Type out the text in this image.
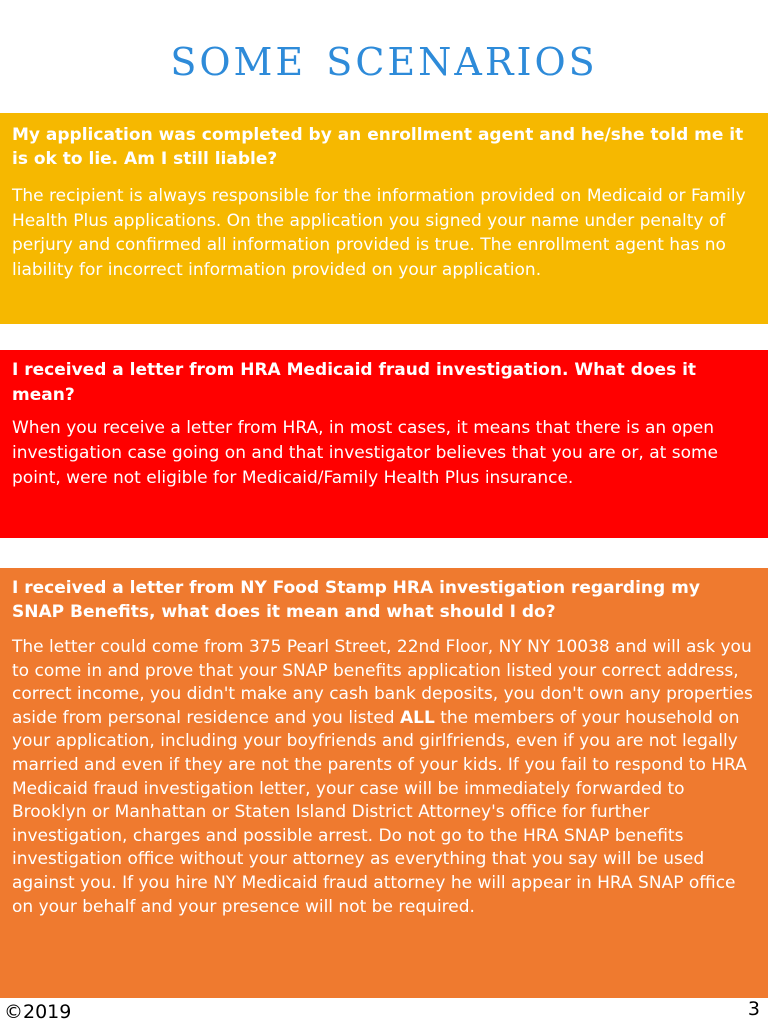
some scenarios

My application was completed by an enrollment agent and he/she told me it is ok to lie. Am I still liable?

The recipient is always responsible for the information provided on Medicaid or Family Health Plus applications. On the application you signed your name under penalty of perjury and confirmed all information provided is true. The enrollment agent has no liability for incorrect information provided on your application.

I received a letter from HRA Medicaid fraud investigation. What does it mean?

When you receive a letter from HRA, in most cases, it means that there is an open investigation case going on and that investigator believes that you are or, at some point, were not eligible for Medicaid/Family Health Plus insurance.

I received a letter from NY Food Stamp HRA investigation regarding my SNAP Benefits, what does it mean and what should I do?

The letter could come from 375 Pearl Street, 22nd Floor, NY NY 10038 and will ask you to come in and prove that your SNAP benefits application listed your correct address, correct income, you didn't make any cash bank deposits, you don't own any properties aside from personal residence and you listed ALL the members of your household on your application, including your boyfriends and girlfriends, even if you are not legally married and even if they are not the parents of your kids. If you fail to respond to HRA Medicaid fraud investigation letter, your case will be immediately forwarded to Brooklyn or Manhattan or Staten Island District Attorney's office for further investigation, charges and possible arrest. Do not go to the HRA SNAP benefits investigation office without your attorney as everything that you say will be used against you. If you hire NY Medicaid fraud attorney he will appear in HRA SNAP office on your behalf and your presence will not be required.

©2019	3
